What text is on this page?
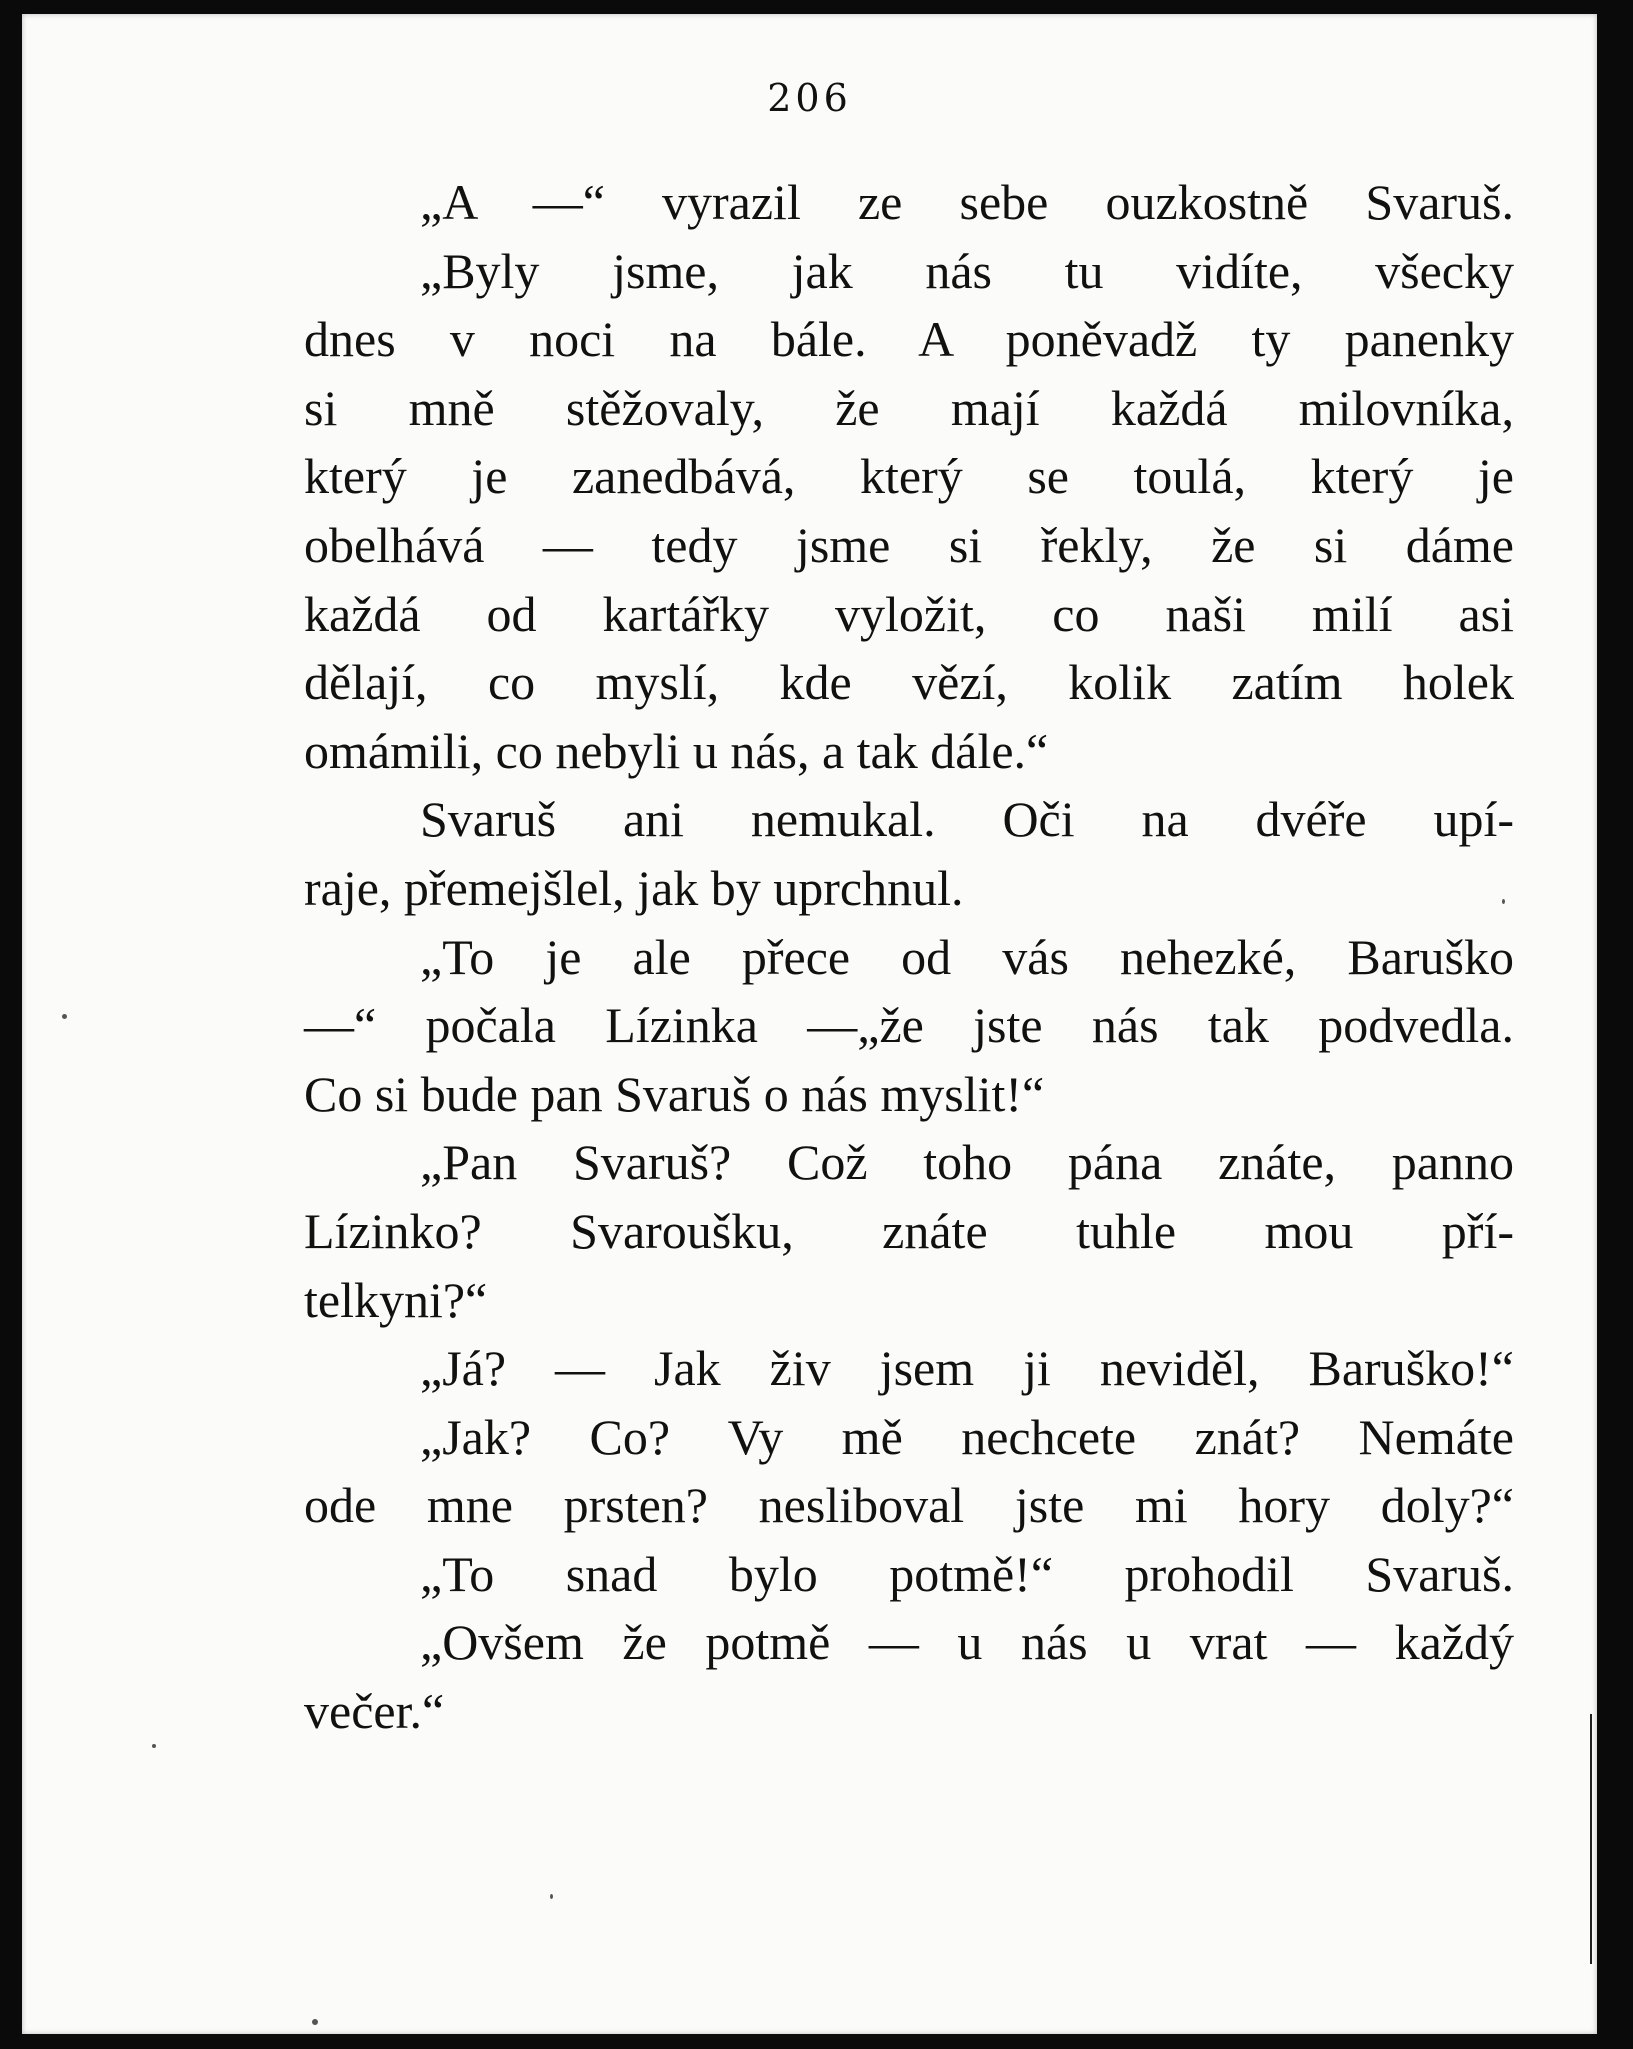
206
„A —“ vyrazil ze sebe ouzkostně Svaruš.
„Byly jsme, jak nás tu vidíte, všecky
dnes v noci na bále. A poněvadž ty panenky
si mně stěžovaly, že mají každá milovníka,
který je zanedbává, který se toulá, který je
obelhává — tedy jsme si řekly, že si dáme
každá od kartářky vyložit, co naši milí asi
dělají, co myslí, kde vězí, kolik zatím holek
omámili, co nebyli u nás, a tak dále.“
Svaruš ani nemukal. Oči na dvéře upí-
raje, přemejšlel, jak by uprchnul.
„To je ale přece od vás nehezké, Baruško
—“ počala Lízinka —„že jste nás tak podvedla.
Co si bude pan Svaruš o nás myslit!“
„Pan Svaruš? Což toho pána znáte, panno
Lízinko? Svaroušku, znáte tuhle mou pří-
telkyni?“
„Já? — Jak živ jsem ji neviděl, Baruško!“
„Jak? Co? Vy mě nechcete znát? Nemáte
ode mne prsten? nesliboval jste mi hory doly?“
„To snad bylo potmě!“ prohodil Svaruš.
„Ovšem že potmě — u nás u vrat — každý
večer.“
